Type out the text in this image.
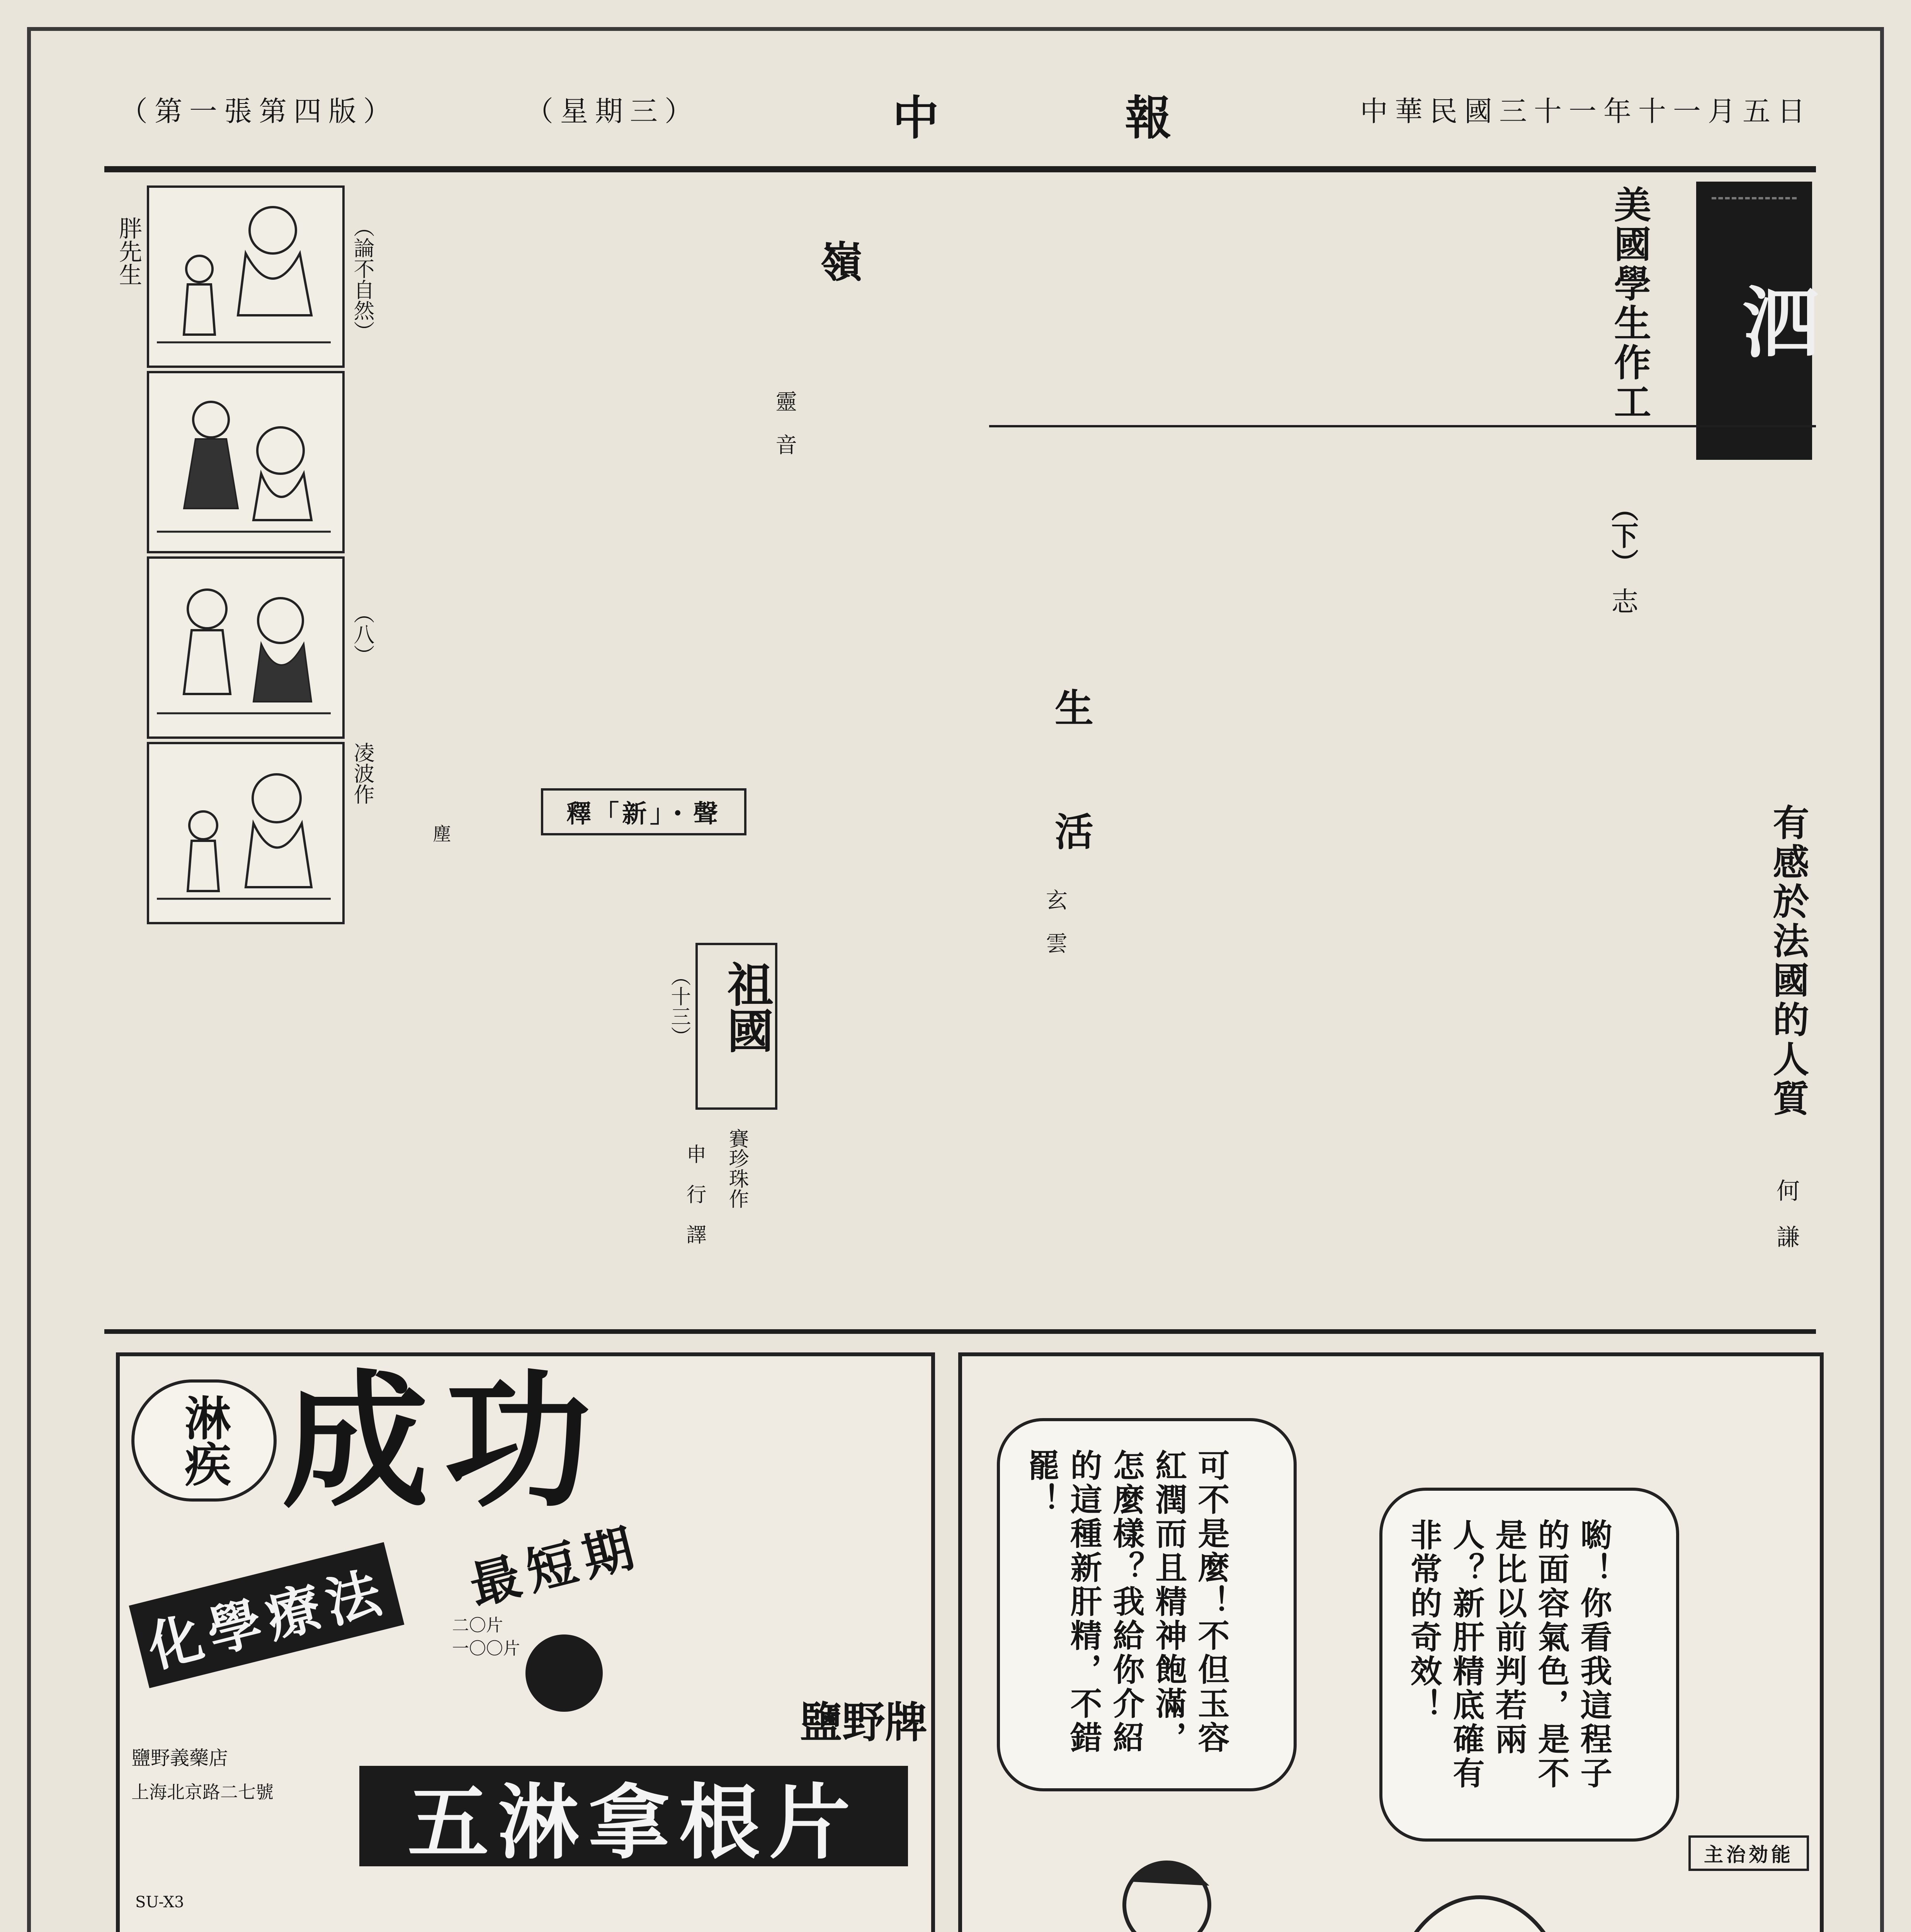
中華民國三十一年十一月五日
中 報
（星期三）
（第一張第四版）
泗
美國學生作工
（下）
志
有感於法國的人質
何　謙
嶺
靈　音
生　活
玄　雲
釋「新」・聲
塵
祖國
（十三）
賽珍珠作
申　行　譯
胖先生	（論不自然）
（八）
凌波作
淋疾 成功
最短期
化學療法	二〇片
一〇〇片
鹽野義藥店
上海北京路二七號	五淋拿根片
鹽野牌
SU-X3
喲！你看我這程子的面容氣色，是不是比以前判若兩人？新肝精底確有非常的奇效！
可不是麼！不但玉容紅潤而且精神飽滿，怎麼樣？我給你介紹的這種新肝精，不錯罷！
主治効能
